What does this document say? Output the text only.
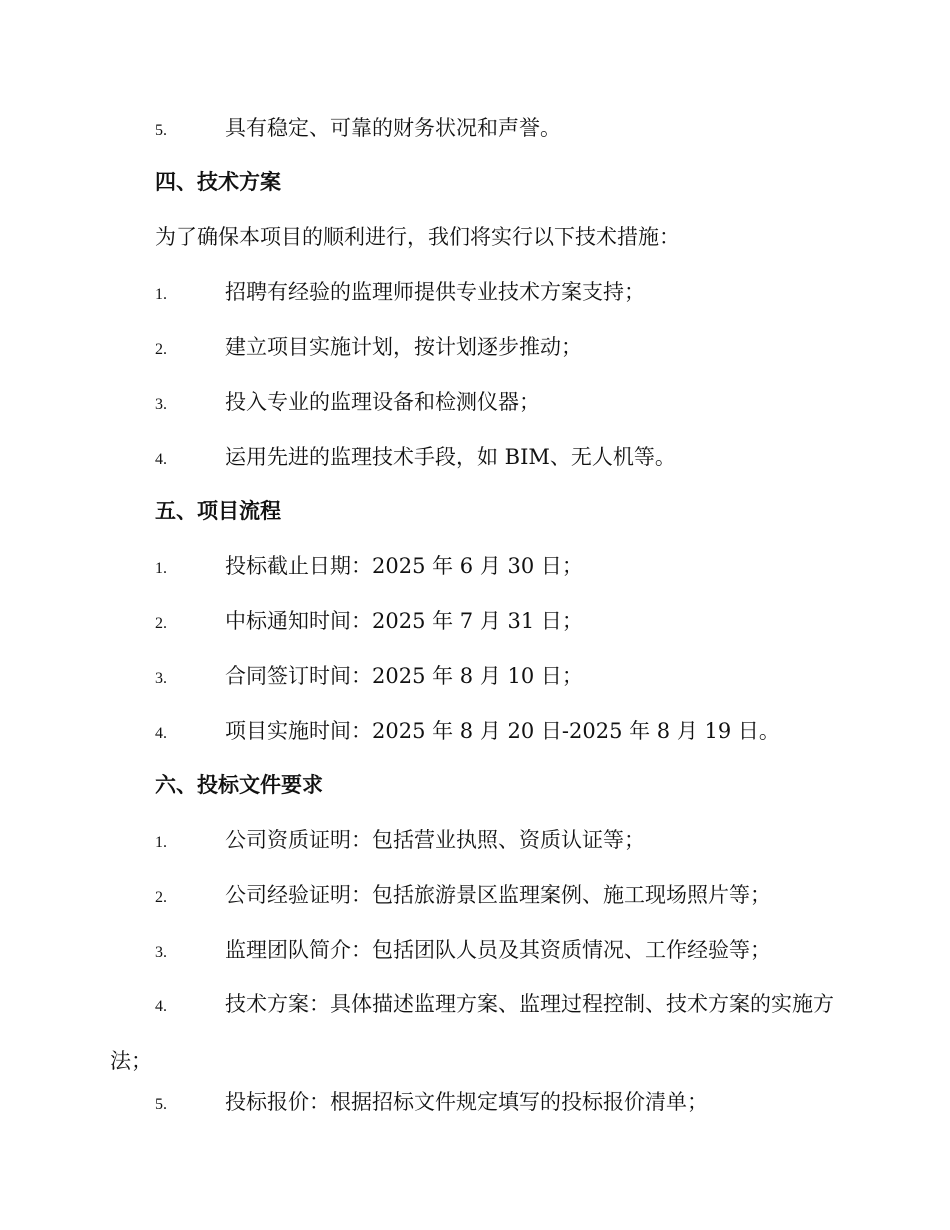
5.	具有稳定、可靠的财务状况和声誉。
四、技术方案
为了确保本项目的顺利进行，我们将实行以下技术措施：
1.	招聘有经验的监理师提供专业技术方案支持；
2.	建立项目实施计划，按计划逐步推动；
3.	投入专业的监理设备和检测仪器；
4.	运用先进的监理技术手段，如 BIM、无人机等。
五、项目流程
1.	投标截止日期：2025 年 6 月 30 日；
2.	中标通知时间：2025 年 7 月 31 日；
3.	合同签订时间：2025 年 8 月 10 日；
4.	项目实施时间：2025 年 8 月 20 日-2025 年 8 月 19 日。
六、投标文件要求
1.	公司资质证明：包括营业执照、资质认证等；
2.	公司经验证明：包括旅游景区监理案例、施工现场照片等；
3.	监理团队简介：包括团队人员及其资质情况、工作经验等；
4.	技术方案：具体描述监理方案、监理过程控制、技术方案的实施方法；
5.	投标报价：根据招标文件规定填写的投标报价清单；
